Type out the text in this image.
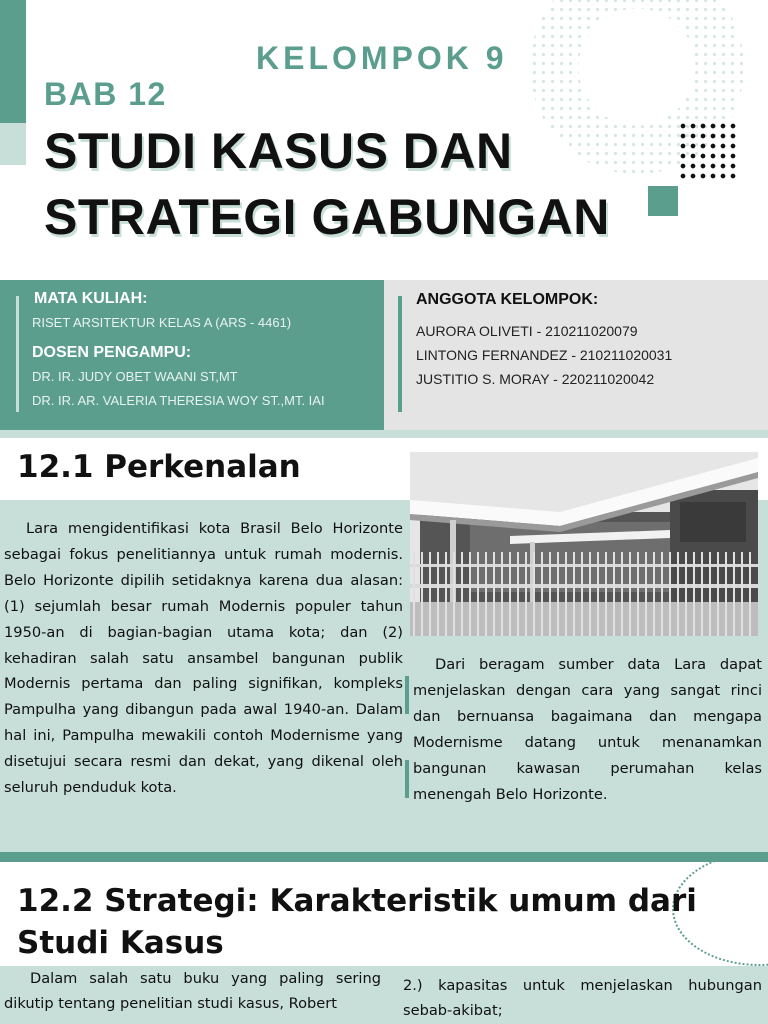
KELOMPOK 9
BAB 12
STUDI KASUS DAN
STRATEGI GABUNGAN
MATA KULIAH:
RISET ARSITEKTUR KELAS A (ARS - 4461)
DOSEN PENGAMPU:
DR. IR. JUDY OBET WAANI ST,MT
DR. IR. AR. VALERIA THERESIA WOY ST.,MT. IAI
ANGGOTA KELOMPOK:
AURORA OLIVETI - 210211020079
LINTONG FERNANDEZ - 210211020031
JUSTITIO S. MORAY - 220211020042
12.1 Perkenalan
Lara mengidentifikasi kota Brasil Belo Horizonte sebagai fokus penelitiannya untuk rumah modernis. Belo Horizonte dipilih setidaknya karena dua alasan: (1) sejumlah besar rumah Modernis populer tahun 1950-an di bagian-bagian utama kota; dan (2) kehadiran salah satu ansambel bangunan publik Modernis pertama dan paling signifikan, kompleks Pampulha yang dibangun pada awal 1940-an. Dalam hal ini, Pampulha mewakili contoh Modernisme yang disetujui secara resmi dan dekat, yang dikenal oleh seluruh penduduk kota.
Dari beragam sumber data Lara dapat menjelaskan dengan cara yang sangat rinci dan bernuansa bagaimana dan mengapa Modernisme datang untuk menanamkan bangunan kawasan perumahan kelas menengah Belo Horizonte.
12.2 Strategi: Karakteristik umum dari
Studi Kasus
Dalam salah satu buku yang paling sering dikutip tentang penelitian studi kasus, Robert
2.) kapasitas untuk menjelaskan hubungan sebab-akibat;
